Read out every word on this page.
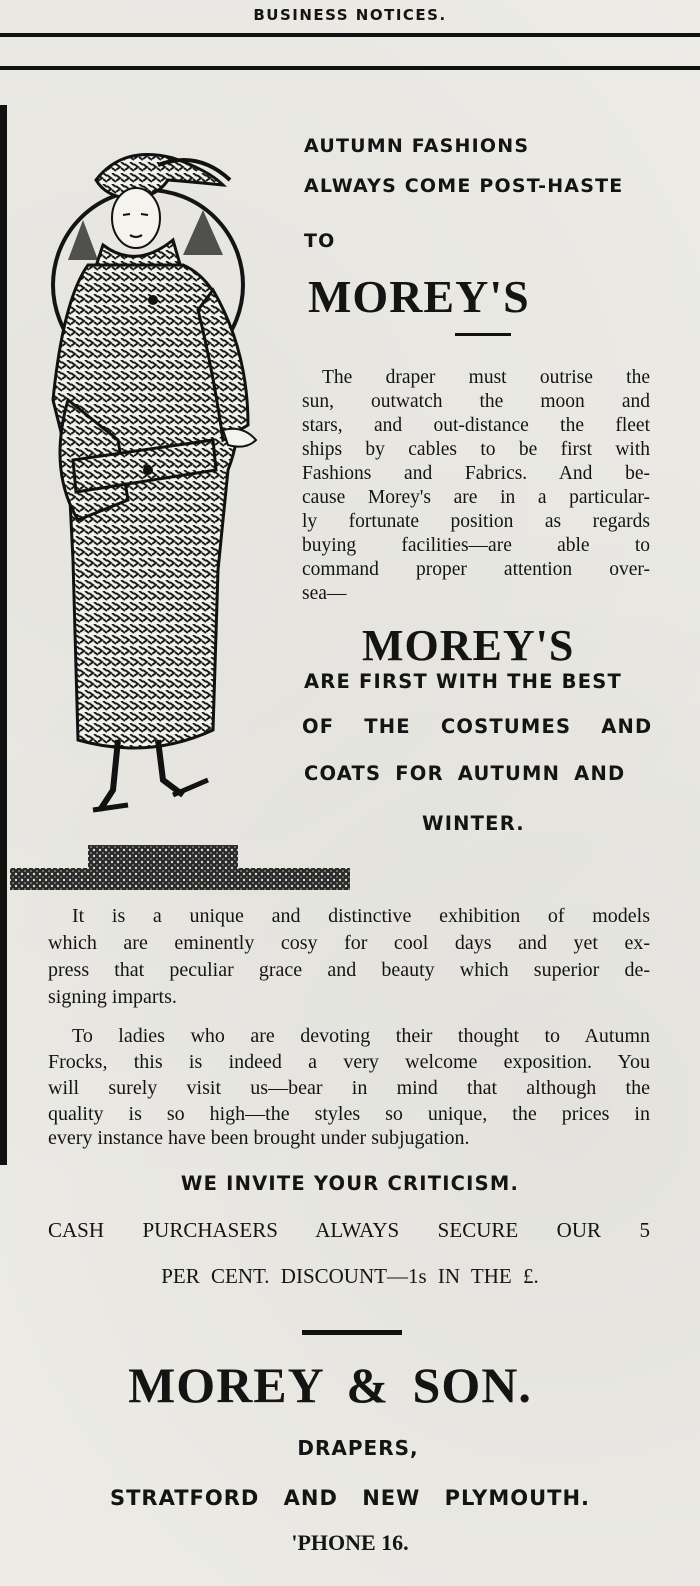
BUSINESS NOTICES.
AUTUMN FASHIONS
ALWAYS COME POST-HASTE
TO
MOREY'S
The draper must outrise the
sun, outwatch the moon and
stars, and out-distance the fleet
ships by cables to be first with
Fashions and Fabrics. And be-
cause Morey's are in a particular-
ly fortunate position as regards
buying facilities—are able to
command proper attention over-
sea—
MOREY'S
ARE FIRST WITH THE BEST
OF THE COSTUMES AND
COATS FOR AUTUMN AND
WINTER.
It is a unique and distinctive exhibition of models
which are eminently cosy for cool days and yet ex-
press that peculiar grace and beauty which superior de-
signing imparts.
To ladies who are devoting their thought to Autumn
Frocks, this is indeed a very welcome exposition. You
will surely visit us—bear in mind that although the
quality is so high—the styles so unique, the prices in
every instance have been brought under subjugation.
WE INVITE YOUR CRITICISM.
CASH PURCHASERS ALWAYS SECURE OUR 5
PER CENT. DISCOUNT—1s IN THE £.
MOREY & SON.
DRAPERS,
STRATFORD AND NEW PLYMOUTH.
'PHONE 16.
